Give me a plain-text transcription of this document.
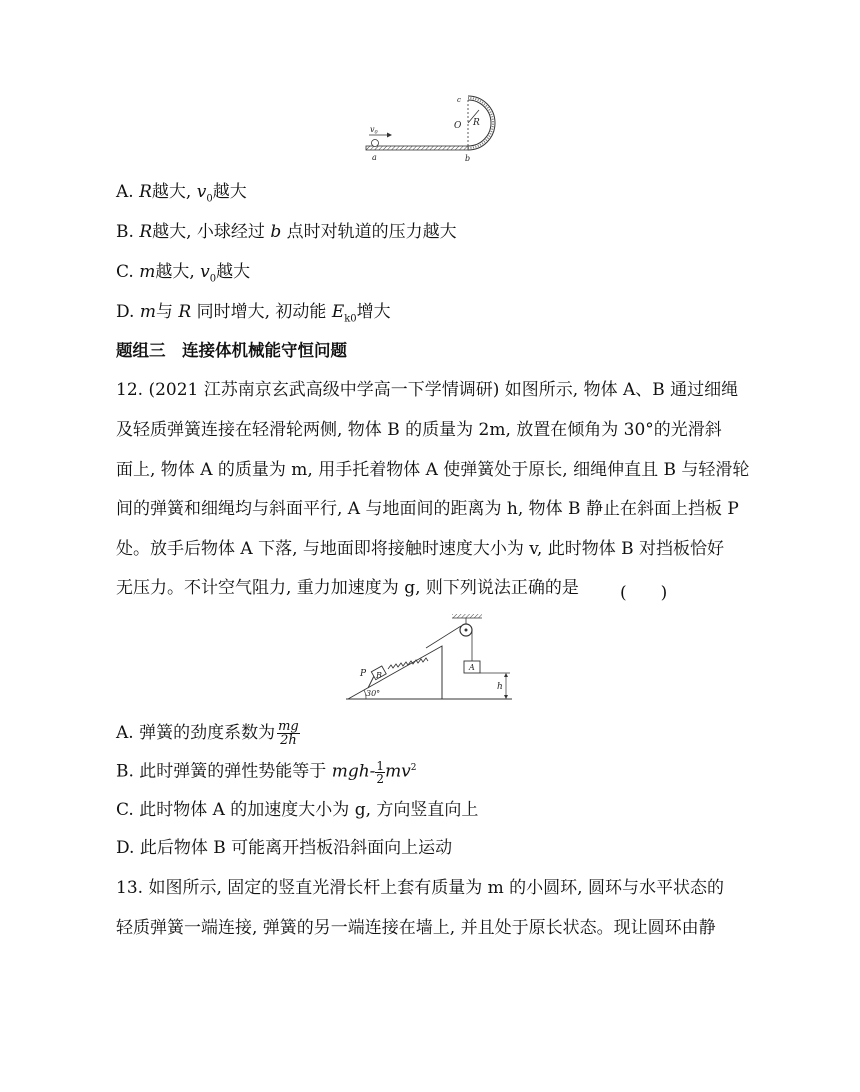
v0
a	b
c
O R
A. R越大, $v_0$越大
B. R越大, 小球经过 b 点时对轨道的压力越大
C. m越大, $v_0$越大
D. m与 R 同时增大, 初动能 $E_{k0}$增大
题组三　连接体机械能守恒问题
12. (2021 江苏南京玄武高级中学高一下学情调研) 如图所示, 物体 A、B 通过细绳
及轻质弹簧连接在轻滑轮两侧, 物体 B 的质量为 2m, 放置在倾角为 30°的光滑斜
面上, 物体 A 的质量为 m, 用手托着物体 A 使弹簧处于原长, 细绳伸直且 B 与轻滑轮
间的弹簧和细绳均与斜面平行, A 与地面间的距离为 h, 物体 B 静止在斜面上挡板 P
处。放手后物体 A 下落, 与地面即将接触时速度大小为 v, 此时物体 B 对挡板恰好
无压力。不计空气阻力, 重力加速度为 g, 则下列说法正确的是 (　　)
30°
P B
A
h
A. 弹簧的劲度系数为 $\frac{mg}{2h}$
B. 此时弹簧的弹性势能等于 $mgh- \frac{1}{2}mv^2$
C. 此时物体 A 的加速度大小为 g, 方向竖直向上
D. 此后物体 B 可能离开挡板沿斜面向上运动
13. 如图所示, 固定的竖直光滑长杆上套有质量为 m 的小圆环, 圆环与水平状态的
轻质弹簧一端连接, 弹簧的另一端连接在墙上, 并且处于原长状态。现让圆环由静
